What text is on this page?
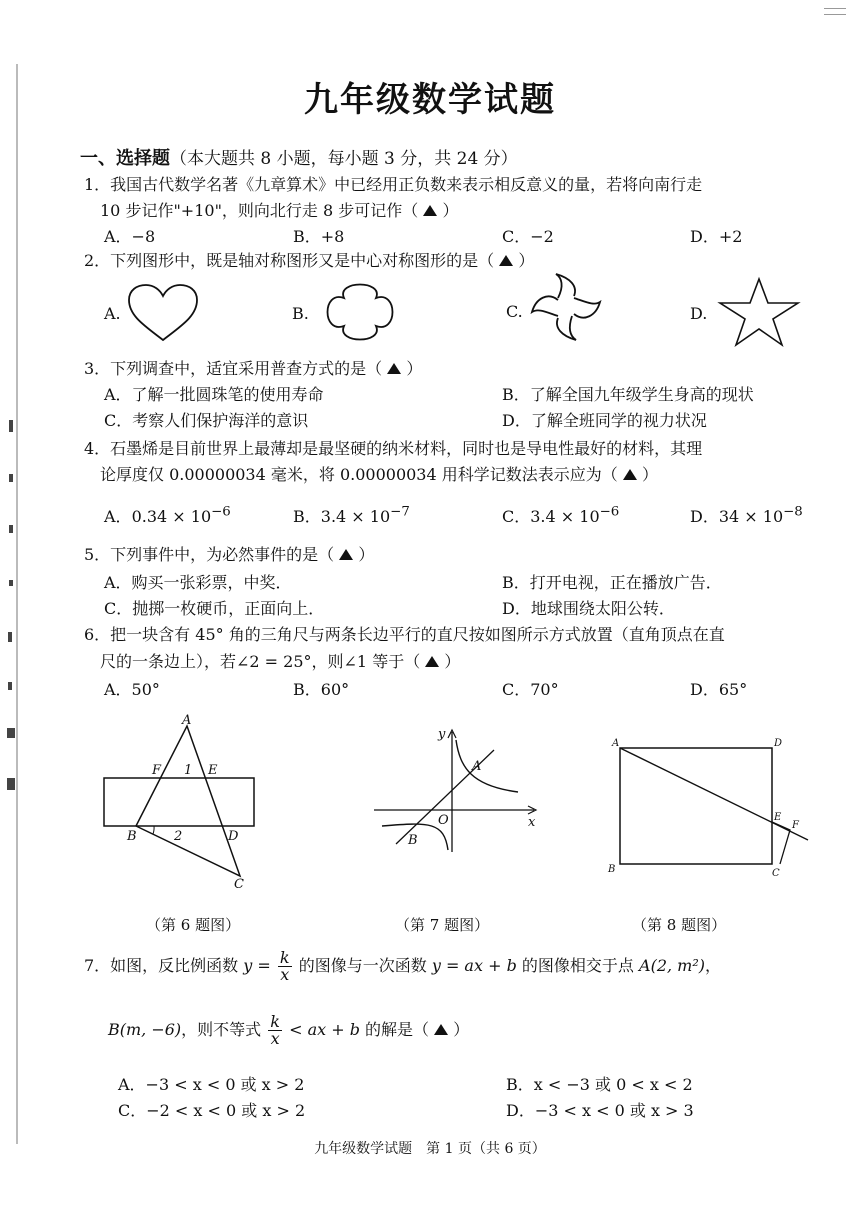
九年级数学试题
一、选择题（本大题共 8 小题，每小题 3 分，共 24 分）
1．我国古代数学名著《九章算术》中已经用正负数来表示相反意义的量，若将向南行走
10 步记作"+10"，则向北行走 8 步可记作（ ）
A．−8	B．+8	C．−2	D．+2
2．下列图形中，既是轴对称图形又是中心对称图形的是（ ）
A.	B.	C.	D.
3．下列调查中，适宜采用普查方式的是（ ）
A．了解一批圆珠笔的使用寿命	B．了解全国九年级学生身高的现状
C．考察人们保护海洋的意识	D．了解全班同学的视力状况
4．石墨烯是目前世界上最薄却是最坚硬的纳米材料，同时也是导电性最好的材料，其理
论厚度仅 0.00000034 毫米，将 0.00000034 用科学记数法表示应为（ ）
A．$0.34 \times 10^{-6}$	B．$3.4 \times 10^{-7}$	C．$3.4 \times 10^{-6}$	D．$34 \times 10^{-8}$
5．下列事件中，为必然事件的是（ ）
A．购买一张彩票，中奖．	B．打开电视，正在播放广告．
C．抛掷一枚硬币，正面向上．	D．地球围绕太阳公转．
6．把一块含有 45° 角的三角尺与两条长边平行的直尺按如图所示方式放置（直角顶点在直
尺的一条边上），若∠2 = 25°，则∠1 等于（ ）
A．50°	B．60°	C．70°	D．65°
A
F 1 E
B	2	D
C
y
A
O	x
B
A	D
E
F
B	C
（第 6 题图）	（第 7 题图）	（第 8 题图）
7．如图，反比例函数 $y = \frac{k}{x}$ 的图像与一次函数 y = ax + b 的图像相交于点 A(2, m²)，
B(m, −6)，则不等式 $\frac{k}{x}$ < ax + b 的解是（ ）
A．−3 < x < 0 或 x > 2	B．x < −3 或 0 < x < 2
C．−2 < x < 0 或 x > 2	D．−3 < x < 0 或 x > 3
九年级数学试题　第 1 页（共 6 页）
